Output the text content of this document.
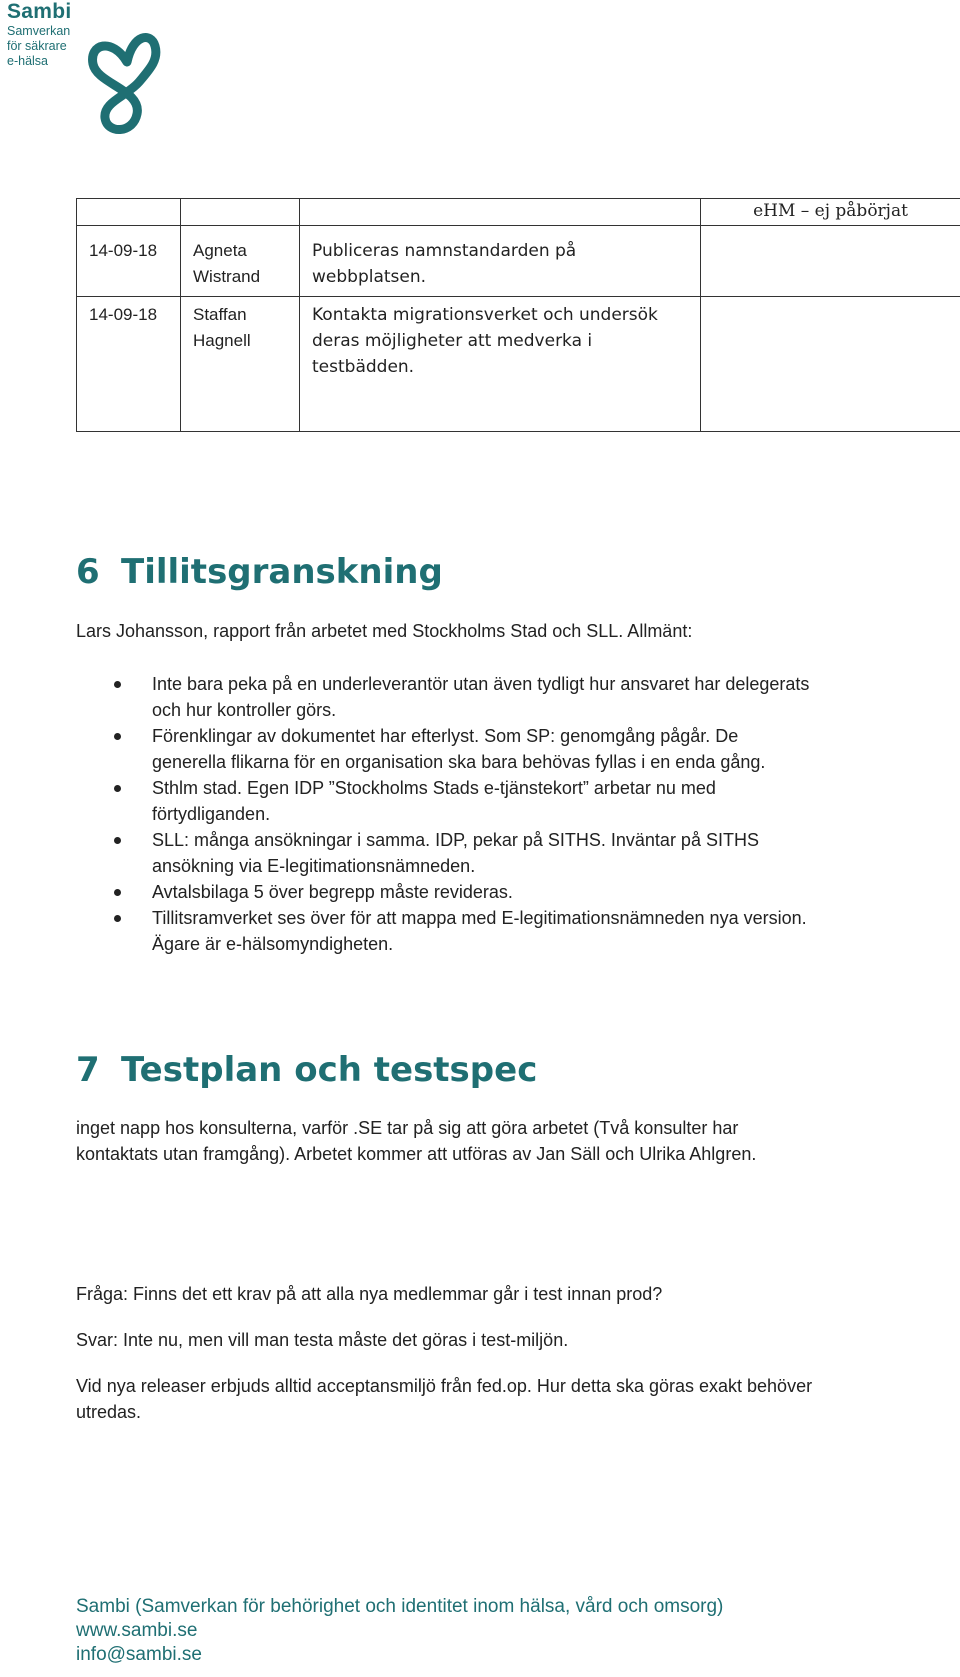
Sambi
Samverkan
för säkrare
e-hälsa
			eHM – ej påbörjat
14-09-18	Agneta Wistrand	Publiceras namnstandarden på webbplatsen.	
14-09-18	Staffan Hagnell	Kontakta migrationsverket och undersök deras möjligheter att medverka i testbädden.	
6 Tillitsgranskning

Lars Johansson, rapport från arbetet med Stockholms Stad och SLL. Allmänt:

Inte bara peka på en underleverantör utan även tydligt hur ansvaret har delegerats och hur kontroller görs.
Förenklingar av dokumentet har efterlyst. Som SP: genomgång pågår. De generella flikarna för en organisation ska bara behövas fyllas i en enda gång.
Sthlm stad. Egen IDP ”Stockholms Stads e-tjänstekort” arbetar nu med förtydliganden.
SLL: många ansökningar i samma. IDP, pekar på SITHS. Inväntar på SITHS ansökning via E-legitimationsnämneden.
Avtalsbilaga 5 över begrepp måste revideras.
Tillitsramverket ses över för att mappa med E-legitimationsnämneden nya version. Ägare är e-hälsomyndigheten.
7 Testplan och testspec

inget napp hos konsulterna, varför .SE tar på sig att göra arbetet (Två konsulter har kontaktats utan framgång). Arbetet kommer att utföras av Jan Säll och Ulrika Ahlgren.

Fråga: Finns det ett krav på att alla nya medlemmar går i test innan prod?

Svar: Inte nu, men vill man testa måste det göras i test-miljön.

Vid nya releaser erbjuds alltid acceptansmiljö från fed.op. Hur detta ska göras exakt behöver utredas.

Sambi (Samverkan för behörighet och identitet inom hälsa, vård och omsorg)
www.sambi.se
info@sambi.se
